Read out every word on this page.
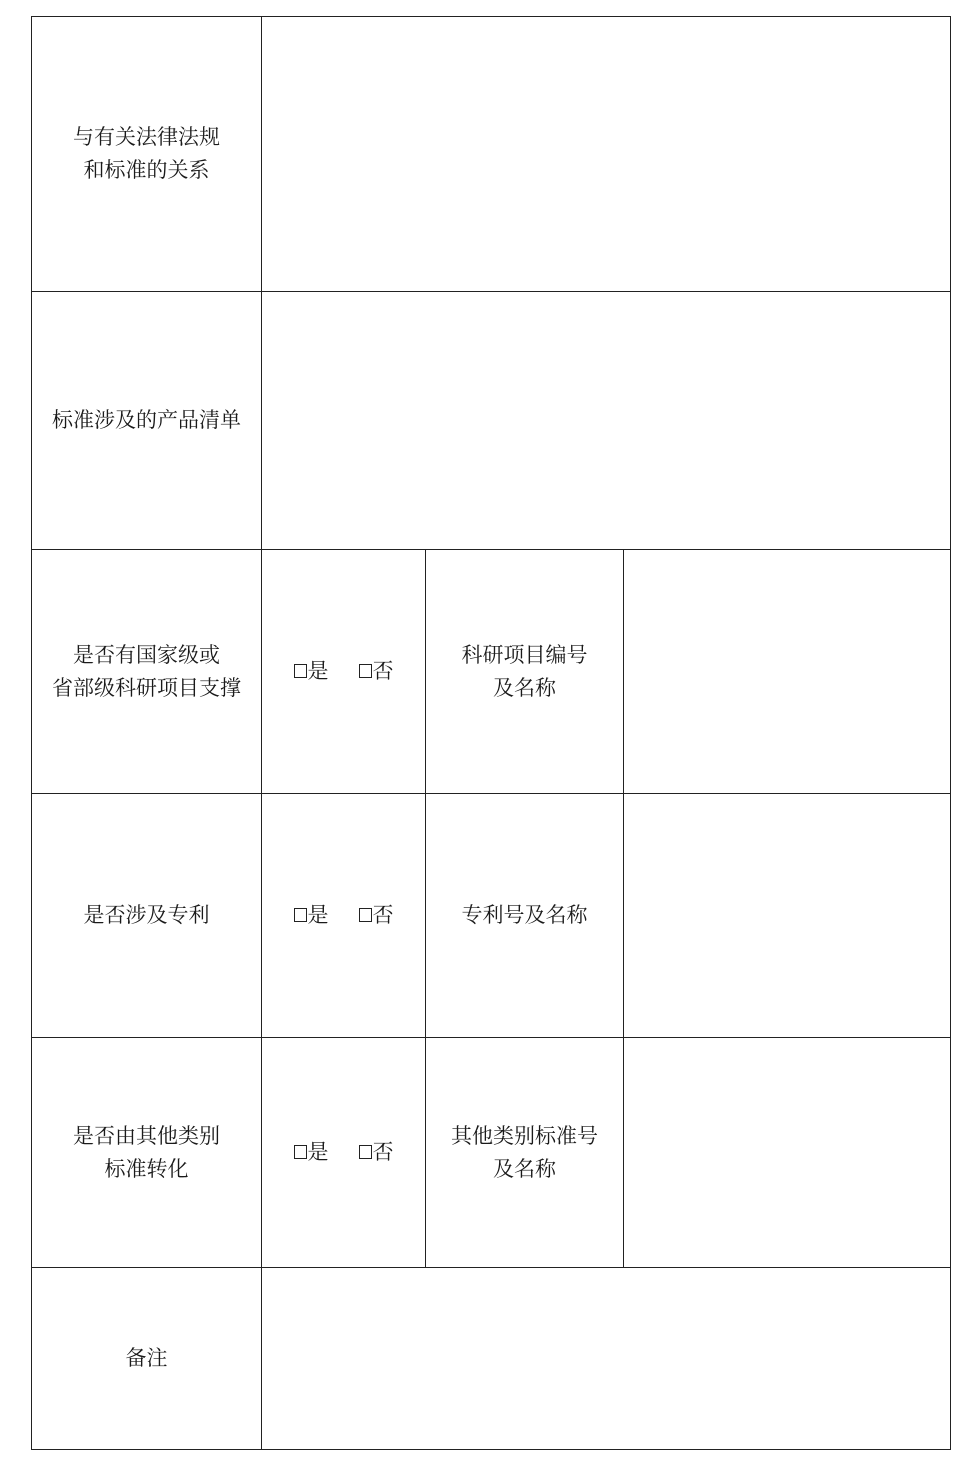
与有关法律法规
和标准的关系			
标准涉及的产品清单			
是否有国家级或
省部级科研项目支撑	是 否	科研项目编号
及名称	
是否涉及专利	是 否	专利号及名称	
是否由其他类别
标准转化	是 否	其他类别标准号
及名称	
备注			
